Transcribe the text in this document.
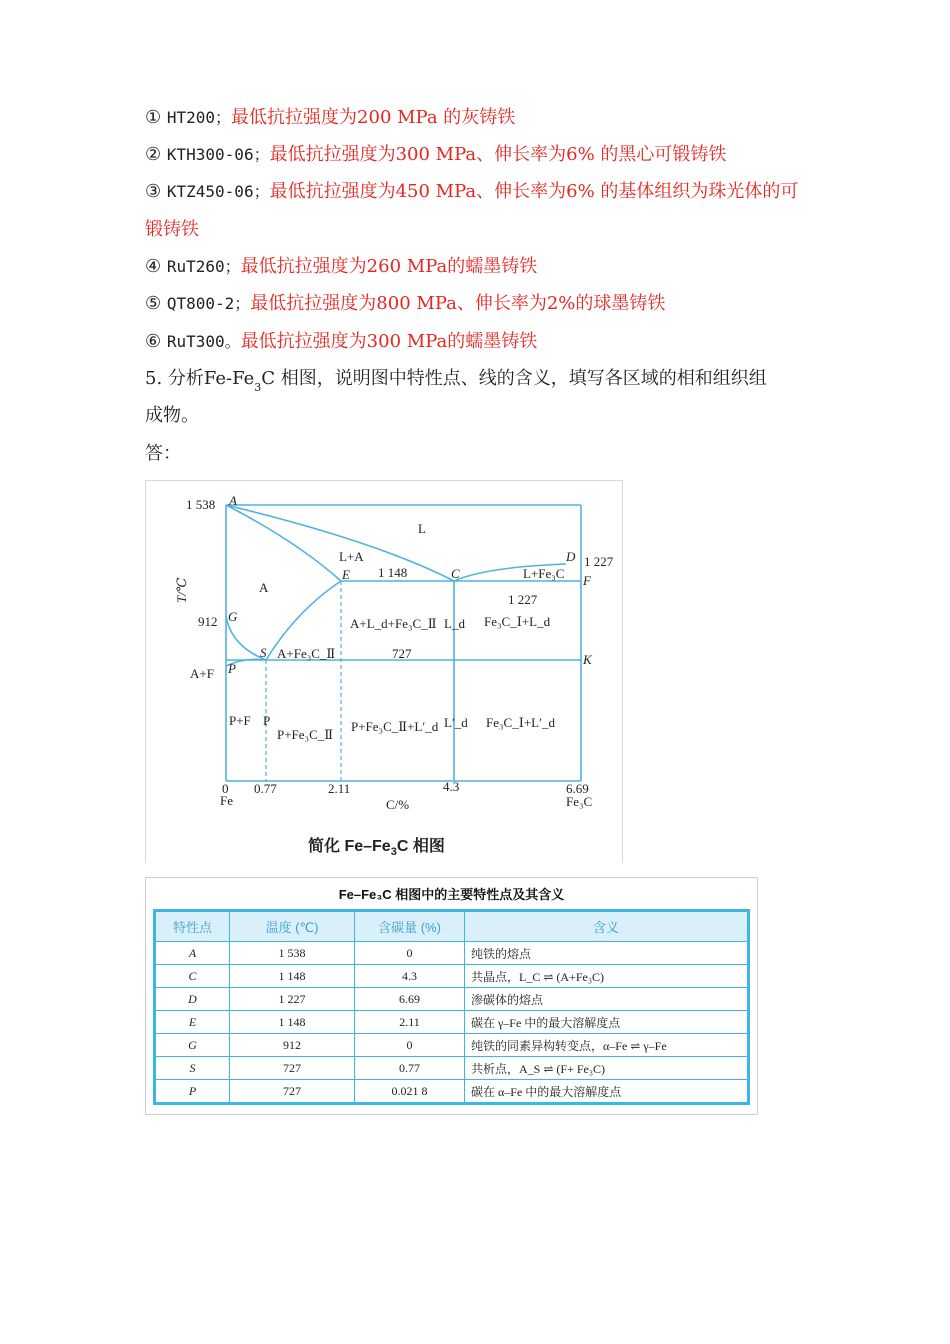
① HT200；最低抗拉强度为200 MPa 的灰铸铁
② KTH300-06；最低抗拉强度为300 MPa、伸长率为6% 的黑心可锻铸铁
③ KTZ450-06；最低抗拉强度为450 MPa、伸长率为6% 的基体组织为珠光体的可
锻铸铁
④ RuT260；最低抗拉强度为260 MPa的蠕墨铸铁
⑤ QT800-2；最低抗拉强度为800 MPa、伸长率为2%的球墨铸铁
⑥ RuT300。最低抗拉强度为300 MPa的蠕墨铸铁
5. 分析$Fe-Fe_3C$ 相图，说明图中特性点、线的含义，填写各区域的相和组织组
成物。
答：
1 538
1 227
1 148
1 227
912
727
T/℃
C/%
A
D
C
E	F
G
S
P
K
0
Fe
0.77	2.11	4.3	6.69
Fe₃C
L
L+A
L+Fe₃C
A
A+L_d+Fe₃C_Ⅱ L_d Fe₃C_Ⅰ+L_d
A+Fe₃C_Ⅱ
A+F
P+F P
P+Fe₃C_Ⅱ
P+Fe₃C_Ⅱ+L′_d L′_d Fe₃C_Ⅰ+L′_d
简化 $Fe-Fe_3C$ 相图
Fe–Fe₃C 相图中的主要特性点及其含义
特性点	温度 (℃)	含碳量 (%)	含义
A	1 538	0	纯铁的熔点
C	1 148	4.3	共晶点，L_C ⇌ (A+Fe₃C)
D	1 227	6.69	渗碳体的熔点
E	1 148	2.11	碳在 γ–Fe 中的最大溶解度点
G	912	0	纯铁的同素异构转变点，α–Fe ⇌ γ–Fe
S	727	0.77	共析点，A_S ⇌ (F+ Fe₃C)
P	727	0.021 8	碳在 α–Fe 中的最大溶解度点
